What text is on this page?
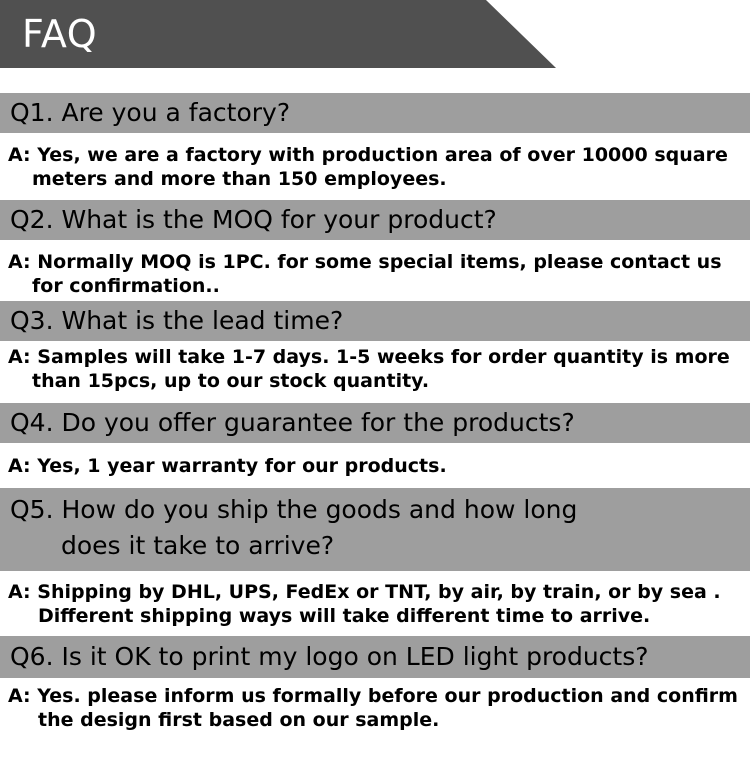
FAQ
Q1. Are you a factory?
A: Yes, we are a factory with production area of over 10000 square
meters and more than 150 employees.
Q2. What is the MOQ for your product?
A: Normally MOQ is 1PC. for some special items, please contact us
for confirmation..
Q3. What is the lead time?
A: Samples will take 1-7 days. 1-5 weeks for order quantity is more
than 15pcs, up to our stock quantity.
Q4. Do you offer guarantee for the products?
A: Yes, 1 year warranty for our products.
Q5. How do you ship the goods and how long
does it take to arrive?
A: Shipping by DHL, UPS, FedEx or TNT, by air, by train, or by sea .
Different shipping ways will take different time to arrive.
Q6. Is it OK to print my logo on LED light products?
A: Yes. please inform us formally before our production and confirm
the design first based on our sample.
